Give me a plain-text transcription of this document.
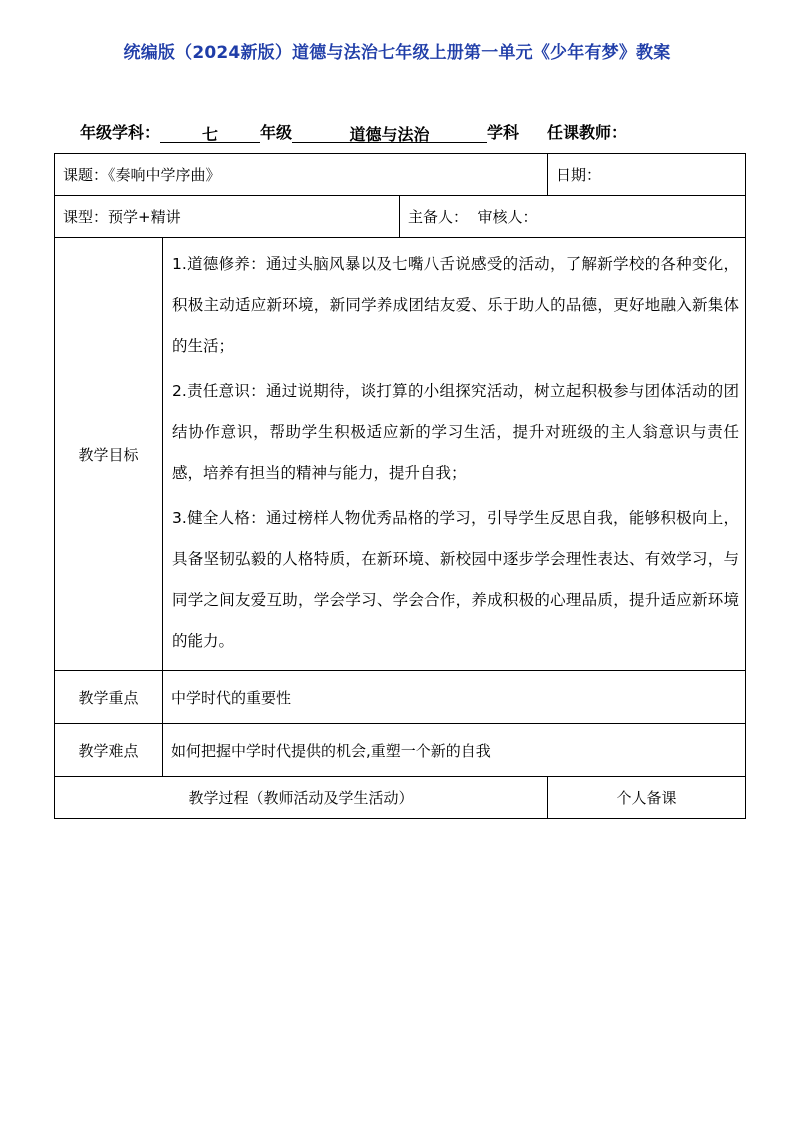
统编版（2024新版）道德与法治七年级上册第一单元《少年有梦》教案
年级学科：	七	年级	道德与法治	学科 任课教师：
课题：《奏响中学序曲》			日期：
课型：预学+精讲		主备人：  审核人：	
教学目标	1.道德修养：通过头脑风暴以及七嘴八舌说感受的活动，了解新学校的各种变化，积极主动适应新环境，新同学养成团结友爱、乐于助人的品德，更好地融入新集体的生活；

2.责任意识：通过说期待，谈打算的小组探究活动，树立起积极参与团体活动的团结协作意识，帮助学生积极适应新的学习生活，提升对班级的主人翁意识与责任感，培养有担当的精神与能力，提升自我；

3.健全人格：通过榜样人物优秀品格的学习，引导学生反思自我，能够积极向上，具备坚韧弘毅的人格特质，在新环境、新校园中逐步学会理性表达、有效学习，与同学之间友爱互助，学会学习、学会合作，养成积极的心理品质，提升适应新环境的能力。		

教学重点	中学时代的重要性		
教学难点	如何把握中学时代提供的机会,重塑一个新的自我		
教学过程（教师活动及学生活动）			个人备课
